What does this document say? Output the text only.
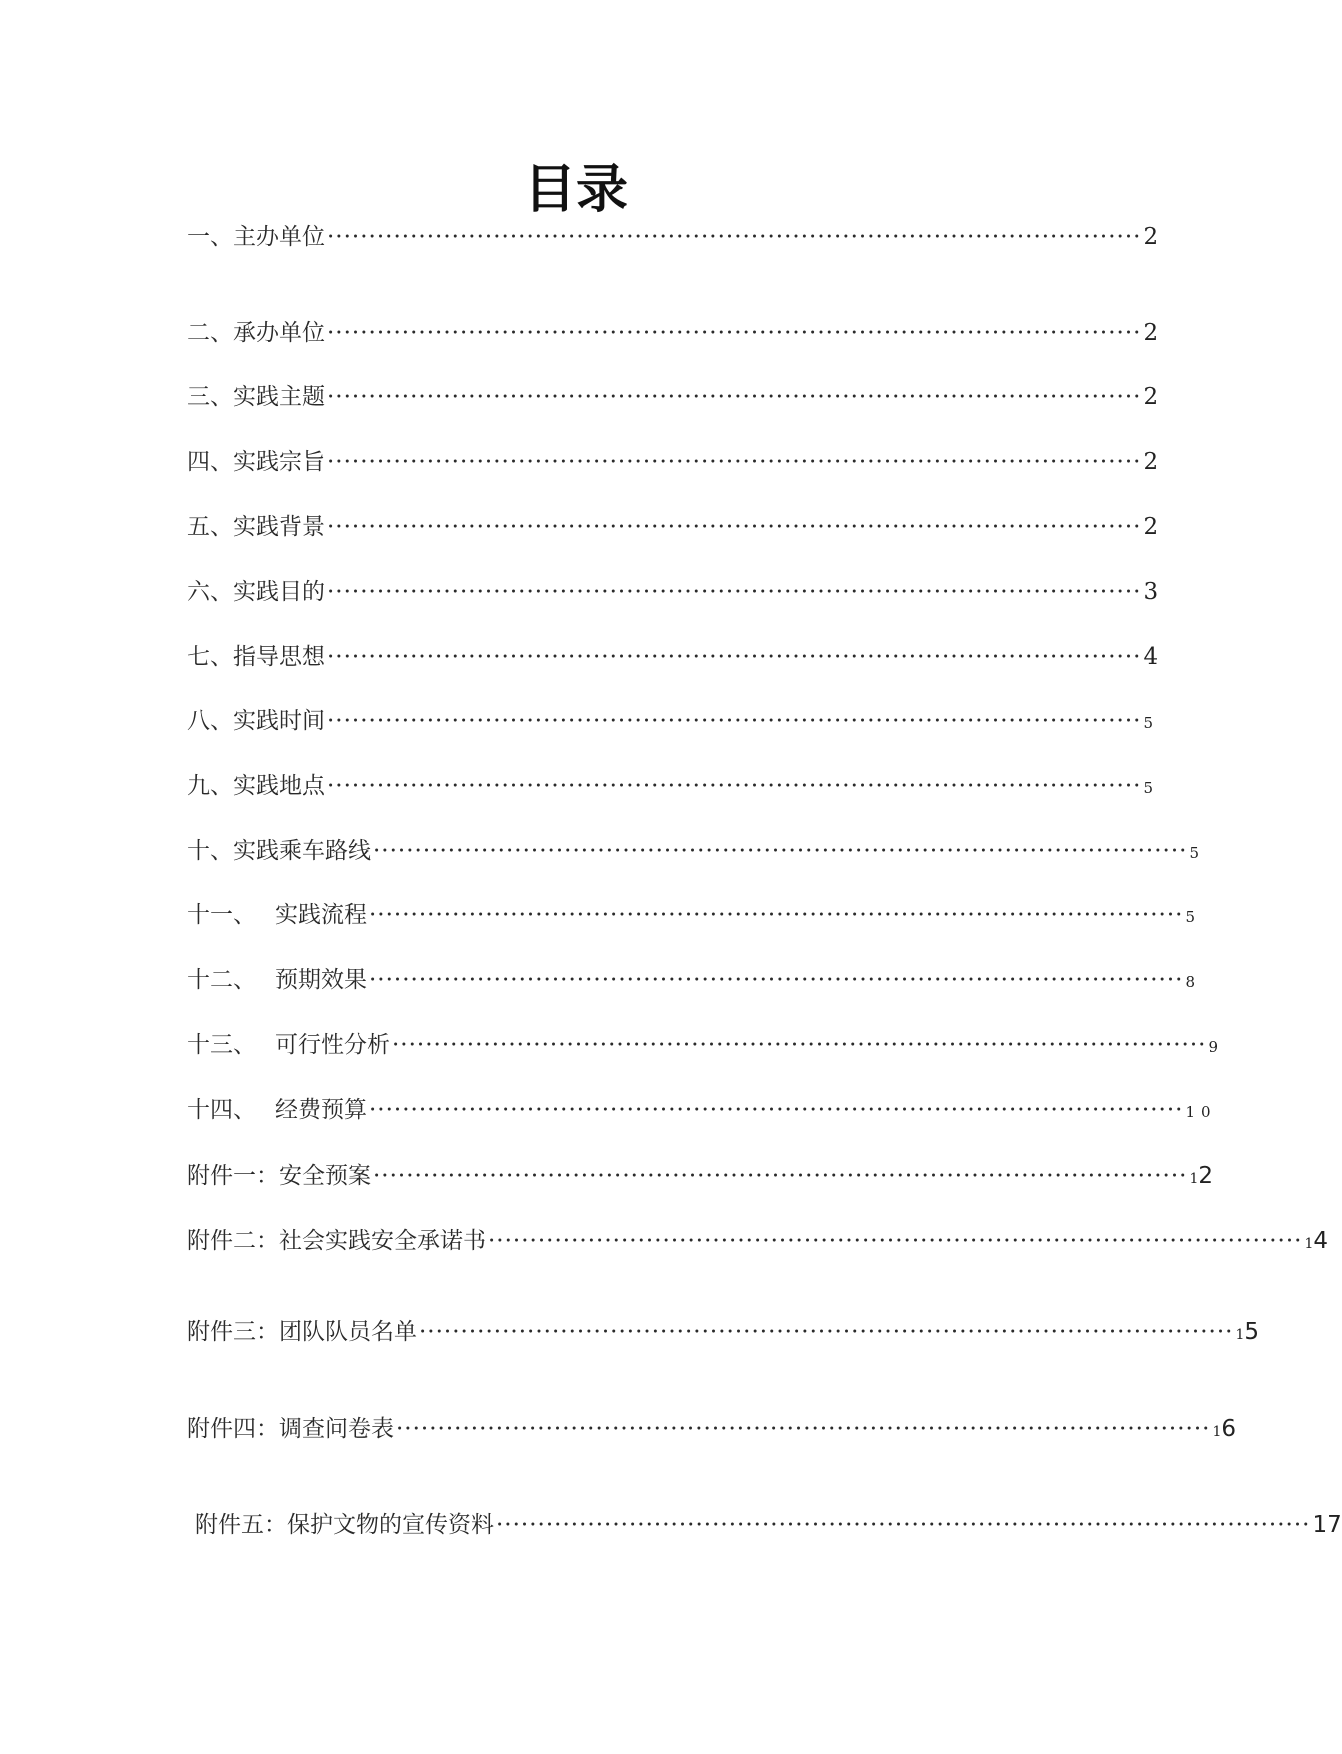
目录
一、 主办单位 ·································································································· 2
二、 承办单位 ·································································································· 2
三、 实践主题 ·································································································· 2
四、 实践宗旨 ·································································································· 2
五、 实践背景 ·································································································· 2
六、 实践目的 ·································································································· 3
七、 指导思想 ·································································································· 4
八、 实践时间 ·································································································· 5
九、 实践地点 ·································································································· 5
十、 实践乘车路线 ·································································································· 5
十一、 实践流程 ·································································································· 5
十二、 预期效果 ·································································································· 8
十三、 可行性分析 ·································································································· 9
十四、 经费预算 ·································································································· 10
附件一： 安全预案 ·································································································· 12
附件二： 社会实践安全承诺书 ·································································································· 14
附件三： 团队队员名单 ·································································································· 15
附件四： 调查问卷表 ·································································································· 16
附件五： 保护文物的宣传资料 ·································································································· 17
